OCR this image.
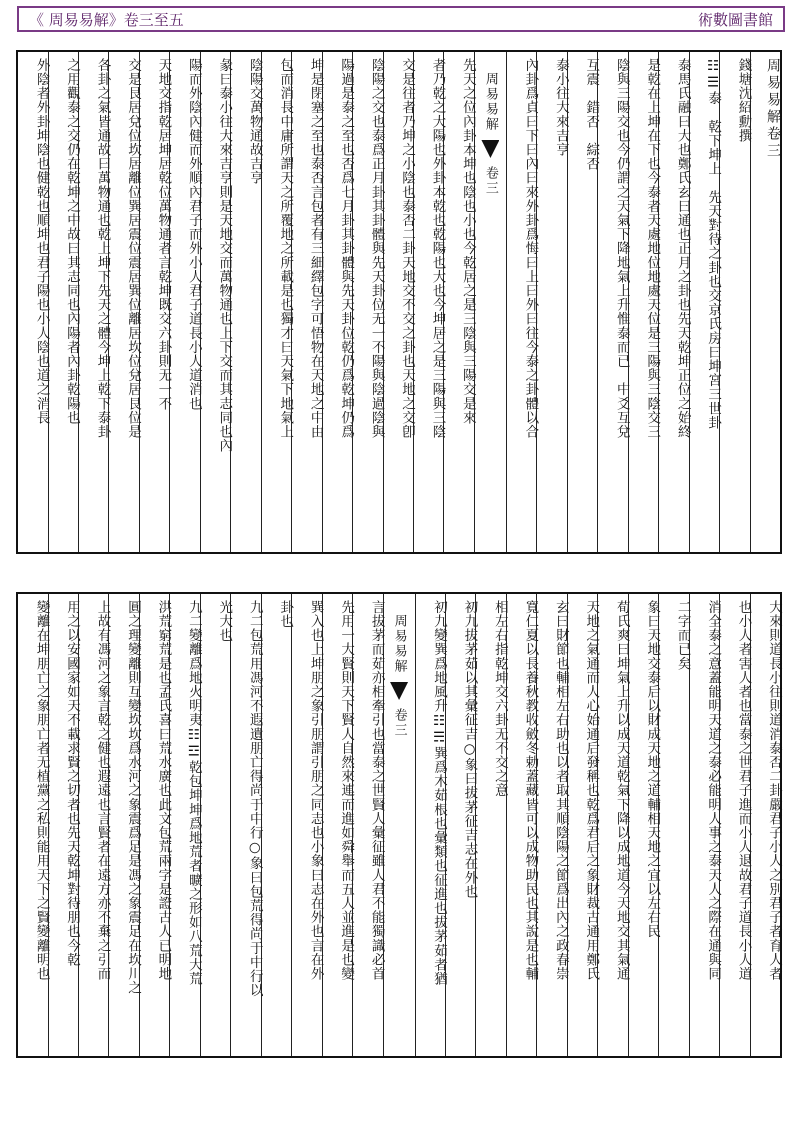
《 周易易解》卷三至五	術數圖書館
周易易解卷三
錢塘沈紹勳撰
☷☰泰　乾下坤上　先天對待之卦也交京氏房曰坤宮三世卦
泰馬氏融曰大也鄭氏玄曰通也正月之卦也先天乾坤正位之始終
是乾在上坤在下也今泰者天處地位地處天位是三陽與三陰交三
陰與三陽交也今仍謂之天氣下降地氣上升惟泰而已　中爻互兌
互震　錯否　綜否
泰小往大來吉亨
內卦爲貞曰下曰內曰來外卦爲悔曰上曰外曰往今泰之卦體以合
周易易解
卷三
先天之位內卦本坤也陰也小也今乾居之是三陰與三陽交是來
者乃乾之大陽也外卦本乾也乾陽也大也今坤居之是三陽與三陰
交是往者乃坤之小陰也泰否二卦天地交不交之卦也天地之交卽
陰陽之交也泰爲正月卦其卦體與先天卦位无一不陽與陰過陰與
陽過是泰之至也否爲七月卦其卦體與先天卦位乾仍爲乾坤仍爲
坤是閉塞之至也泰否言包者有三細繹包字可悟物在天地之中由
包而消長中庸所謂天之所覆地之所載是也獨才曰天氣下地氣上
陰陽交萬物通故吉亨
彖曰泰小往大來吉亨則是天地交而萬物通也上下交而其志同也內
陽而外陰內健而外順內君子而外小人君子道長小人道消也
天地交指乾居坤居乾位萬物通者言乾坤既交六卦則无一不
交是艮居兌位坎居離位巽居震位震居巽位離居坎位兌居艮位是
各卦之氣皆通故曰萬物通也乾上坤下先天之體今坤上乾下泰卦
之用觀泰之交仍在乾坤之中故曰其志同也內陽者內卦乾陽也
外陰者外卦坤陰也健乾也順坤也君子陽也小人陰也道之消長
大來則道長小往則道消泰否二卦嚴君子小人之別君子者育人者
也小人者害人者也當泰之世君子進而小人退故君子道長小人道
消全泰之意蓋能明天道之泰必能明人事之泰天人之際在通與同
二字而已矣
象曰天地交泰后以財成天地之道輔相天地之宜以左右民
荀氏爽曰坤氣上升以成天道乾氣下降以成地道今天地交其氣通
天地之氣通而人心始通后發稱也乾爲君后之象財裁古通用鄭氏
玄曰財節也輔相左右助也以者取其順陰陽之節爲出內之政春崇
寬仁夏以長養秋教收斂冬勅蓋藏皆可以成物助民也其說是也輔
相左右指乾坤交六卦无不交之意
初九拔茅茹以其彙征吉○象曰拔茅征吉志在外也
初九變巽爲地風升☷☴巽爲木茹根也彙類也征進也拔茅茹者猶
周易易解
卷三
言拔茅而茹亦相牽引也當泰之世賢人彙征雖人君不能獨識必首
先用一大賢則天下賢人自然來連而進如舜舉而五人並進是也變
巽入也上坤朋之象引朋謂引朋之同志也小象曰志在外也言在外
卦也
九二包荒用馮河不遐遺朋亡得尚于中行○象曰包荒得尚于中行以
光大也
九二變離爲地火明夷☷☲乾包坤坤爲地荒者曠之形如八荒大荒
洪荒窮荒是也孟氏喜曰荒水廣也此文包荒兩字是證古人已明地
圓之理變離則互變坎坎爲水河之象震爲足是馮之象震足在坎川之
上故有馮河之象言乾之健也遐遠也言賢者在遠方亦不棄之引而
用之以安國家如天不載求賢之切者也先天乾坤對待朋也今乾
變離在坤朋亡之象朋亡者无植黨之私則能用天下之賢變離明也
